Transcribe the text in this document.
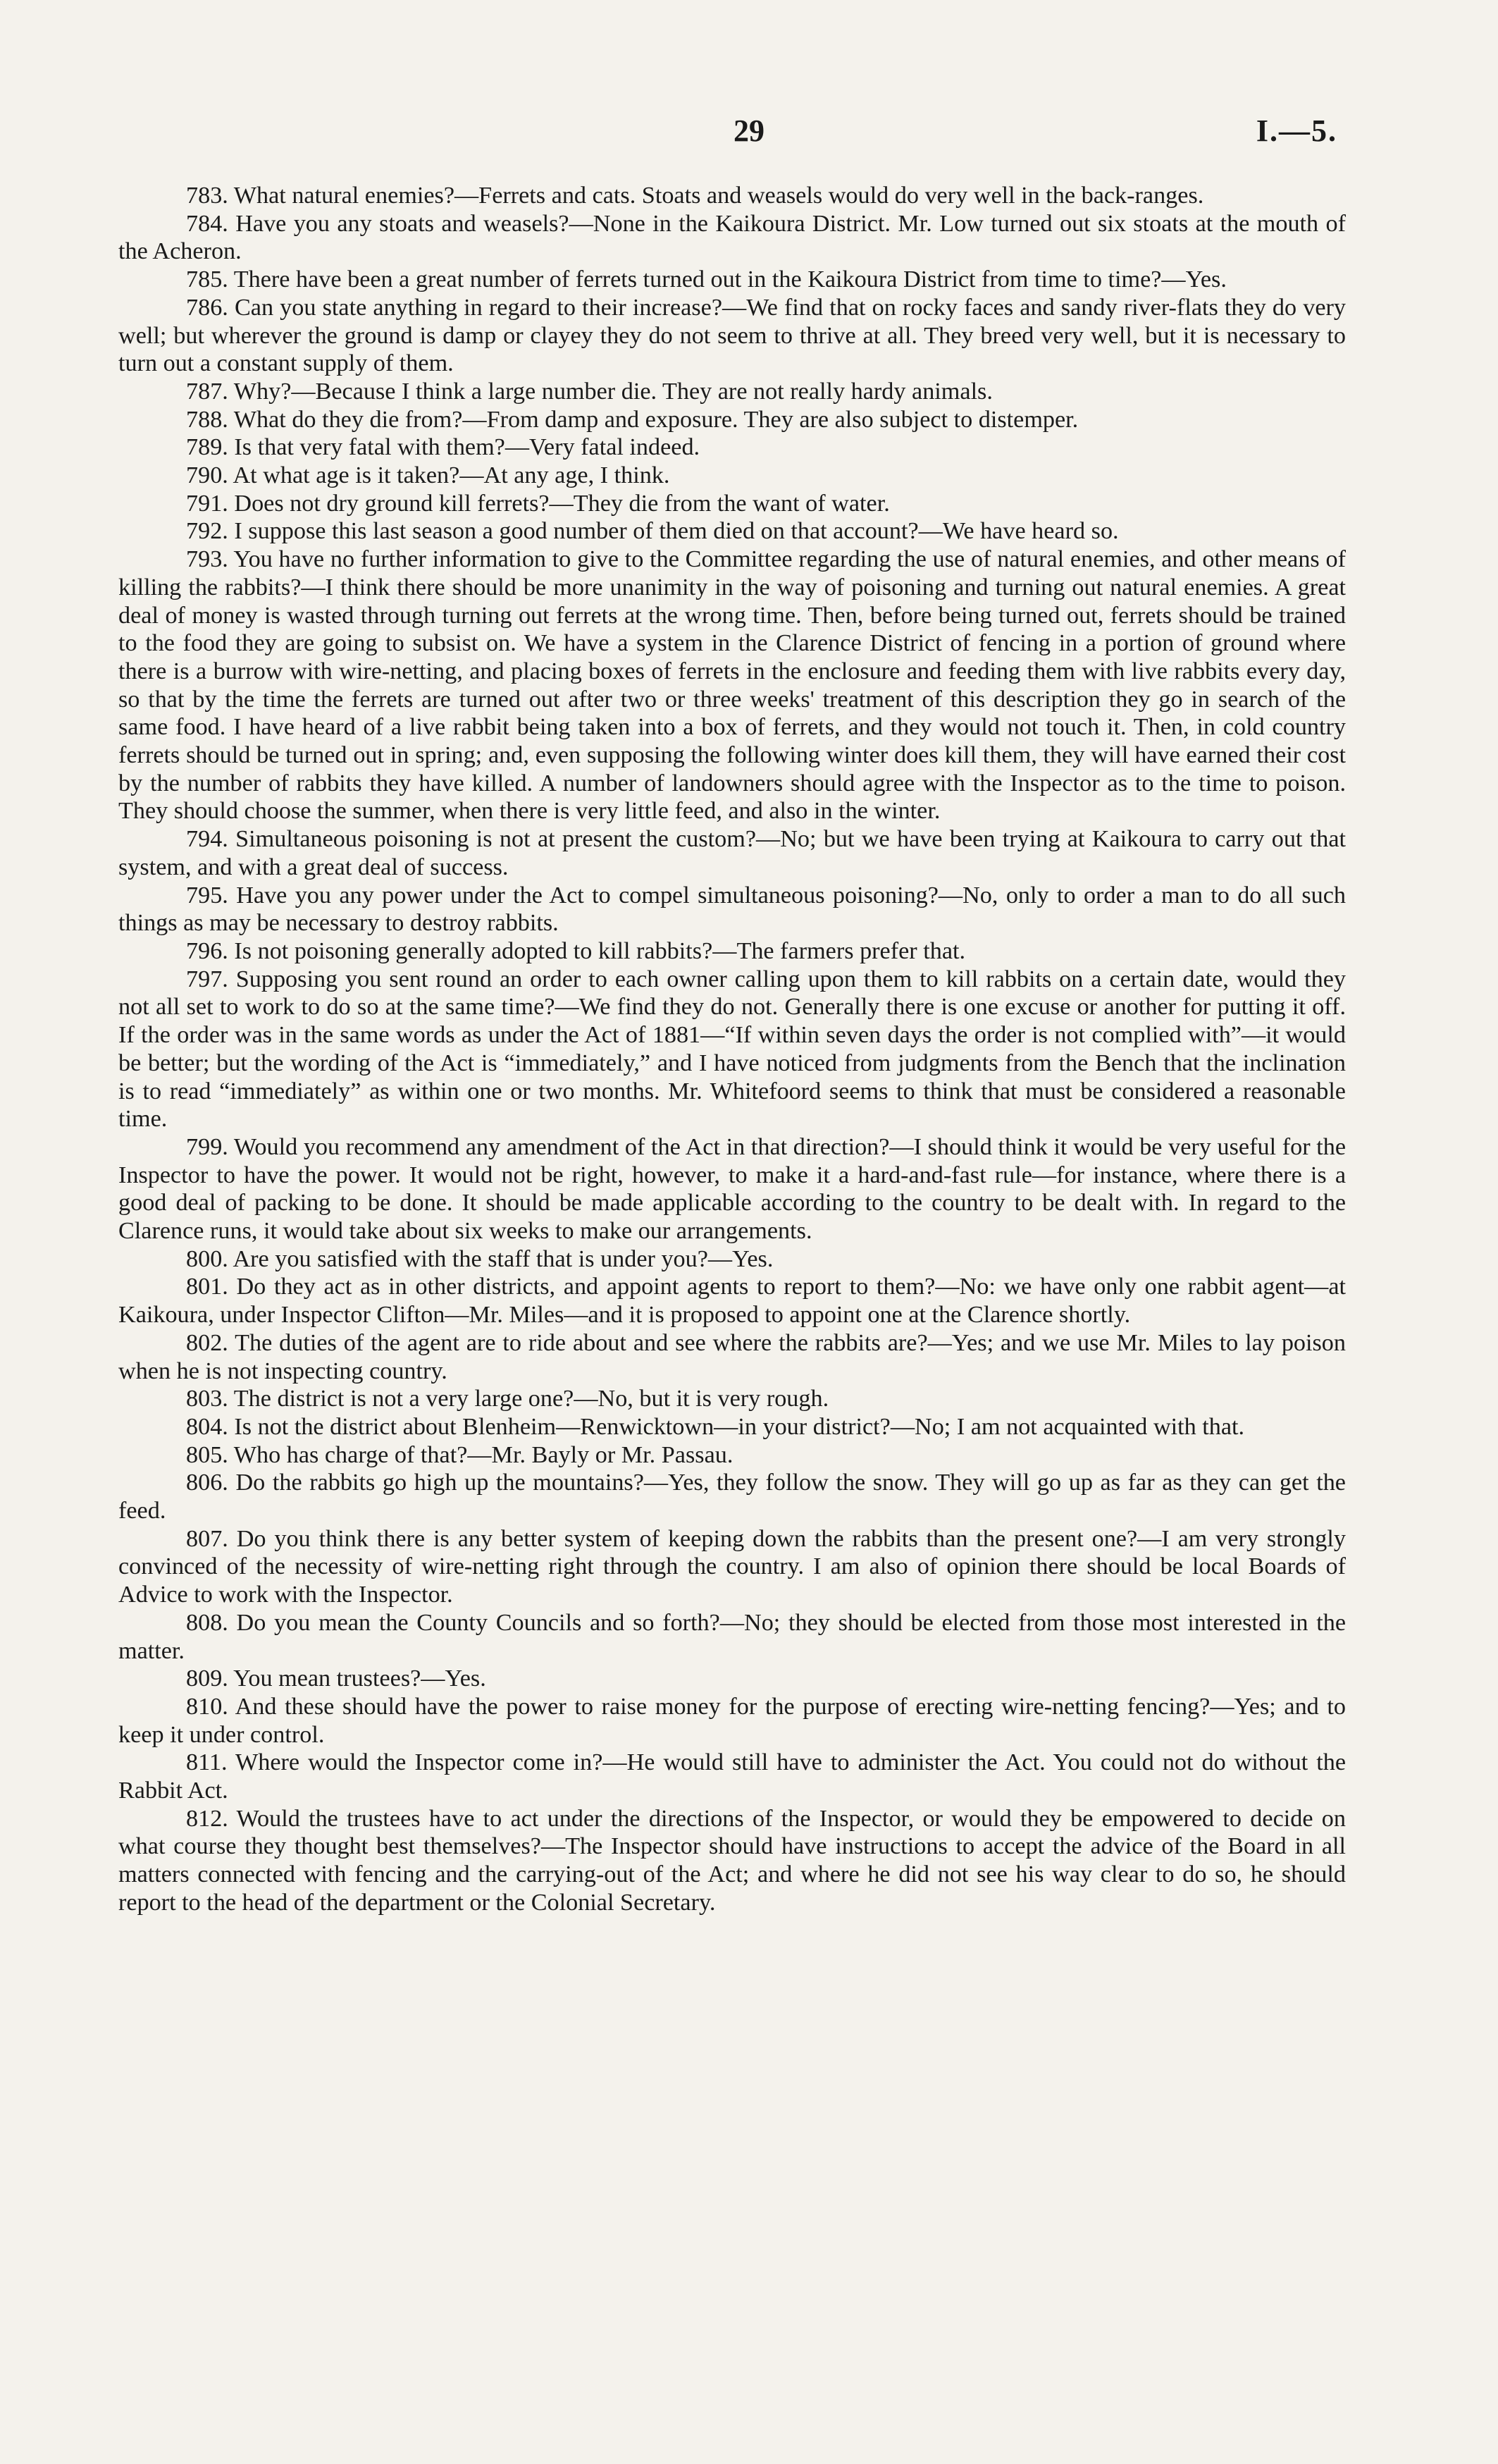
29	I.—5.

783. What natural enemies?—Ferrets and cats. Stoats and weasels would do very well in the back-ranges.

784. Have you any stoats and weasels?—None in the Kaikoura District. Mr. Low turned out six stoats at the mouth of the Acheron.

785. There have been a great number of ferrets turned out in the Kaikoura District from time to time?—Yes.

786. Can you state anything in regard to their increase?—We find that on rocky faces and sandy river-flats they do very well; but wherever the ground is damp or clayey they do not seem to thrive at all. They breed very well, but it is necessary to turn out a constant supply of them.

787. Why?—Because I think a large number die. They are not really hardy animals.

788. What do they die from?—From damp and exposure. They are also subject to distemper.

789. Is that very fatal with them?—Very fatal indeed.

790. At what age is it taken?—At any age, I think.

791. Does not dry ground kill ferrets?—They die from the want of water.

792. I suppose this last season a good number of them died on that account?—We have heard so.

793. You have no further information to give to the Committee regarding the use of natural enemies, and other means of killing the rabbits?—I think there should be more unanimity in the way of poisoning and turning out natural enemies. A great deal of money is wasted through turning out ferrets at the wrong time. Then, before being turned out, ferrets should be trained to the food they are going to subsist on. We have a system in the Clarence District of fencing in a portion of ground where there is a burrow with wire-netting, and placing boxes of ferrets in the enclosure and feeding them with live rabbits every day, so that by the time the ferrets are turned out after two or three weeks' treatment of this description they go in search of the same food. I have heard of a live rabbit being taken into a box of ferrets, and they would not touch it. Then, in cold country ferrets should be turned out in spring; and, even supposing the following winter does kill them, they will have earned their cost by the number of rabbits they have killed. A number of landowners should agree with the Inspector as to the time to poison. They should choose the summer, when there is very little feed, and also in the winter.

794. Simultaneous poisoning is not at present the custom?—No; but we have been trying at Kaikoura to carry out that system, and with a great deal of success.

795. Have you any power under the Act to compel simultaneous poisoning?—No, only to order a man to do all such things as may be necessary to destroy rabbits.

796. Is not poisoning generally adopted to kill rabbits?—The farmers prefer that.

797. Supposing you sent round an order to each owner calling upon them to kill rabbits on a certain date, would they not all set to work to do so at the same time?—We find they do not. Generally there is one excuse or another for putting it off. If the order was in the same words as under the Act of 1881—“If within seven days the order is not complied with”—it would be better; but the wording of the Act is “immediately,” and I have noticed from judgments from the Bench that the inclination is to read “immediately” as within one or two months. Mr. Whitefoord seems to think that must be considered a reasonable time.

799. Would you recommend any amendment of the Act in that direction?—I should think it would be very useful for the Inspector to have the power. It would not be right, however, to make it a hard-and-fast rule—for instance, where there is a good deal of packing to be done. It should be made applicable according to the country to be dealt with. In regard to the Clarence runs, it would take about six weeks to make our arrangements.

800. Are you satisfied with the staff that is under you?—Yes.

801. Do they act as in other districts, and appoint agents to report to them?—No: we have only one rabbit agent—at Kaikoura, under Inspector Clifton—Mr. Miles—and it is proposed to appoint one at the Clarence shortly.

802. The duties of the agent are to ride about and see where the rabbits are?—Yes; and we use Mr. Miles to lay poison when he is not inspecting country.

803. The district is not a very large one?—No, but it is very rough.

804. Is not the district about Blenheim—Renwicktown—in your district?—No; I am not acquainted with that.

805. Who has charge of that?—Mr. Bayly or Mr. Passau.

806. Do the rabbits go high up the mountains?—Yes, they follow the snow. They will go up as far as they can get the feed.

807. Do you think there is any better system of keeping down the rabbits than the present one?—I am very strongly convinced of the necessity of wire-netting right through the country. I am also of opinion there should be local Boards of Advice to work with the Inspector.

808. Do you mean the County Councils and so forth?—No; they should be elected from those most interested in the matter.

809. You mean trustees?—Yes.

810. And these should have the power to raise money for the purpose of erecting wire-netting fencing?—Yes; and to keep it under control.

811. Where would the Inspector come in?—He would still have to administer the Act. You could not do without the Rabbit Act.

812. Would the trustees have to act under the directions of the Inspector, or would they be empowered to decide on what course they thought best themselves?—The Inspector should have instructions to accept the advice of the Board in all matters connected with fencing and the carrying-out of the Act; and where he did not see his way clear to do so, he should report to the head of the department or the Colonial Secretary.
